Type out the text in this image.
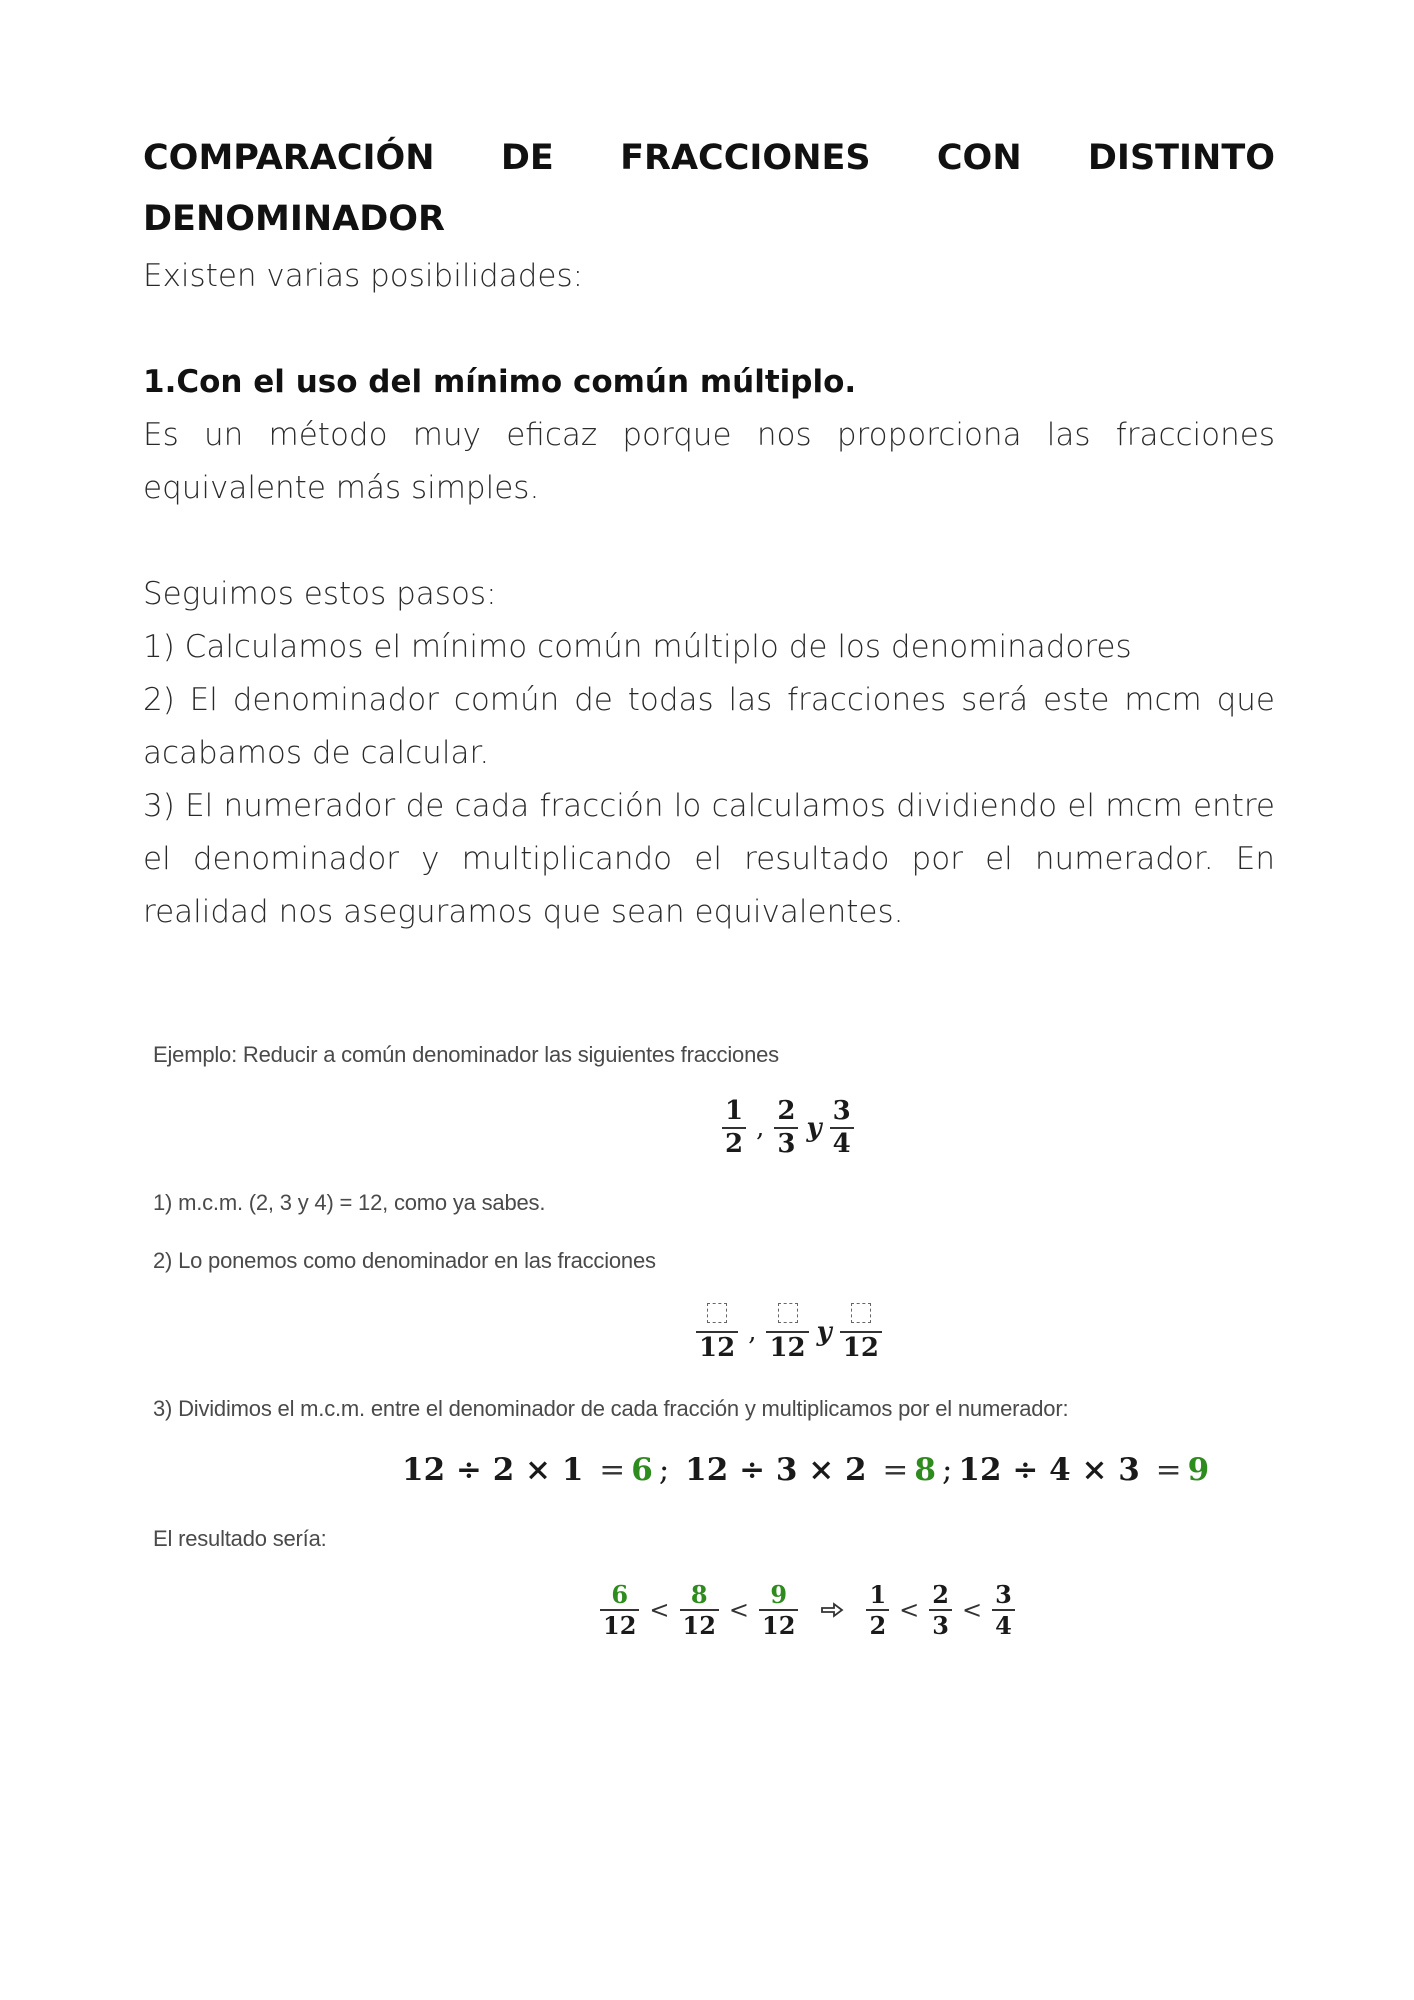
COMPARACIÓN DE FRACCIONES CON DISTINTO
DENOMINADOR

Existen varias posibilidades:

1.Con el uso del mínimo común múltiplo.

Es un método muy eficaz porque nos proporciona las fracciones equivalente más simples.

Seguimos estos pasos:

1) Calculamos el mínimo común múltiplo de los denominadores

2) El denominador común de todas las fracciones será este mcm que acabamos de calcular.

3) El numerador de cada fracción lo calculamos dividiendo el mcm entre el denominador y multiplicando el resultado por el numerador. En realidad nos aseguramos que sean equivalentes.

Ejemplo: Reducir a común denominador las siguientes fracciones
$\frac{1}{2}$ , $\frac{2}{3}$ y $\frac{3}{4}$
1) m.c.m. (2, 3 y 4) = 12, como ya sabes.
2) Lo ponemos como denominador en las fracciones
12
,
12
y
12
3) Dividimos el m.c.m. entre el denominador de cada fracción y multiplicamos por el numerador:
12 ÷ 2 × 1 = 6 ; 12 ÷ 3 × 2 = 8 ; 12 ÷ 4 × 3 = 9
El resultado sería:
$\frac{6}{12} < \frac{8}{12} < \frac{9}{12}$	$\frac{1}{2} < \frac{2}{3} < \frac{3}{4}$
